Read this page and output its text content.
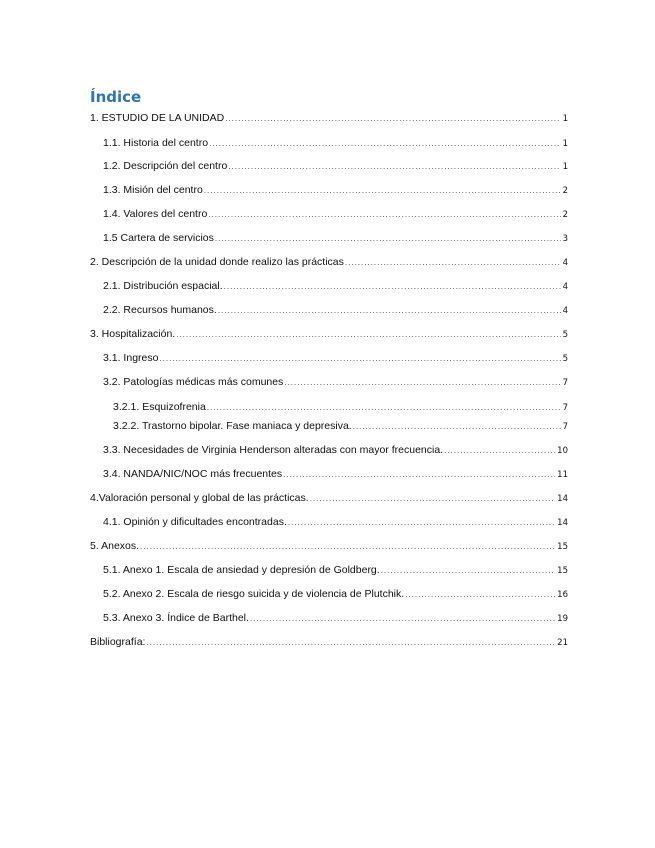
Índice
1. ESTUDIO DE LA UNIDAD .....	1
1.1. Historia del centro .....	1
1.2. Descripción del centro .....	1
1.3. Misión del centro .....	2
1.4. Valores del centro .....	2
1.5 Cartera de servicios .....	3
2. Descripción de la unidad donde realizo las prácticas .....	4
2.1. Distribución espacial. .....	4
2.2. Recursos humanos. .....	4
3. Hospitalización. .....	5
3.1. Ingreso .....	5
3.2. Patologías médicas más comunes .....	7
3.2.1. Esquizofrenia .....	7
3.2.2. Trastorno bipolar. Fase maniaca y depresiva. .....	7
3.3. Necesidades de Virginia Henderson alteradas con mayor frecuencia. .....	10
3.4. NANDA/NIC/NOC más frecuentes .....	11
4.Valoración personal y global de las prácticas. .....	14
4.1. Opinión y dificultades encontradas. .....	14
5. Anexos. .....	15
5.1. Anexo 1. Escala de ansiedad y depresión de Goldberg. .....	15
5.2. Anexo 2. Escala de riesgo suicida y de violencia de Plutchik. .....	16
5.3. Anexo 3. Índice de Barthel. .....	19
Bibliografía: .....	21
